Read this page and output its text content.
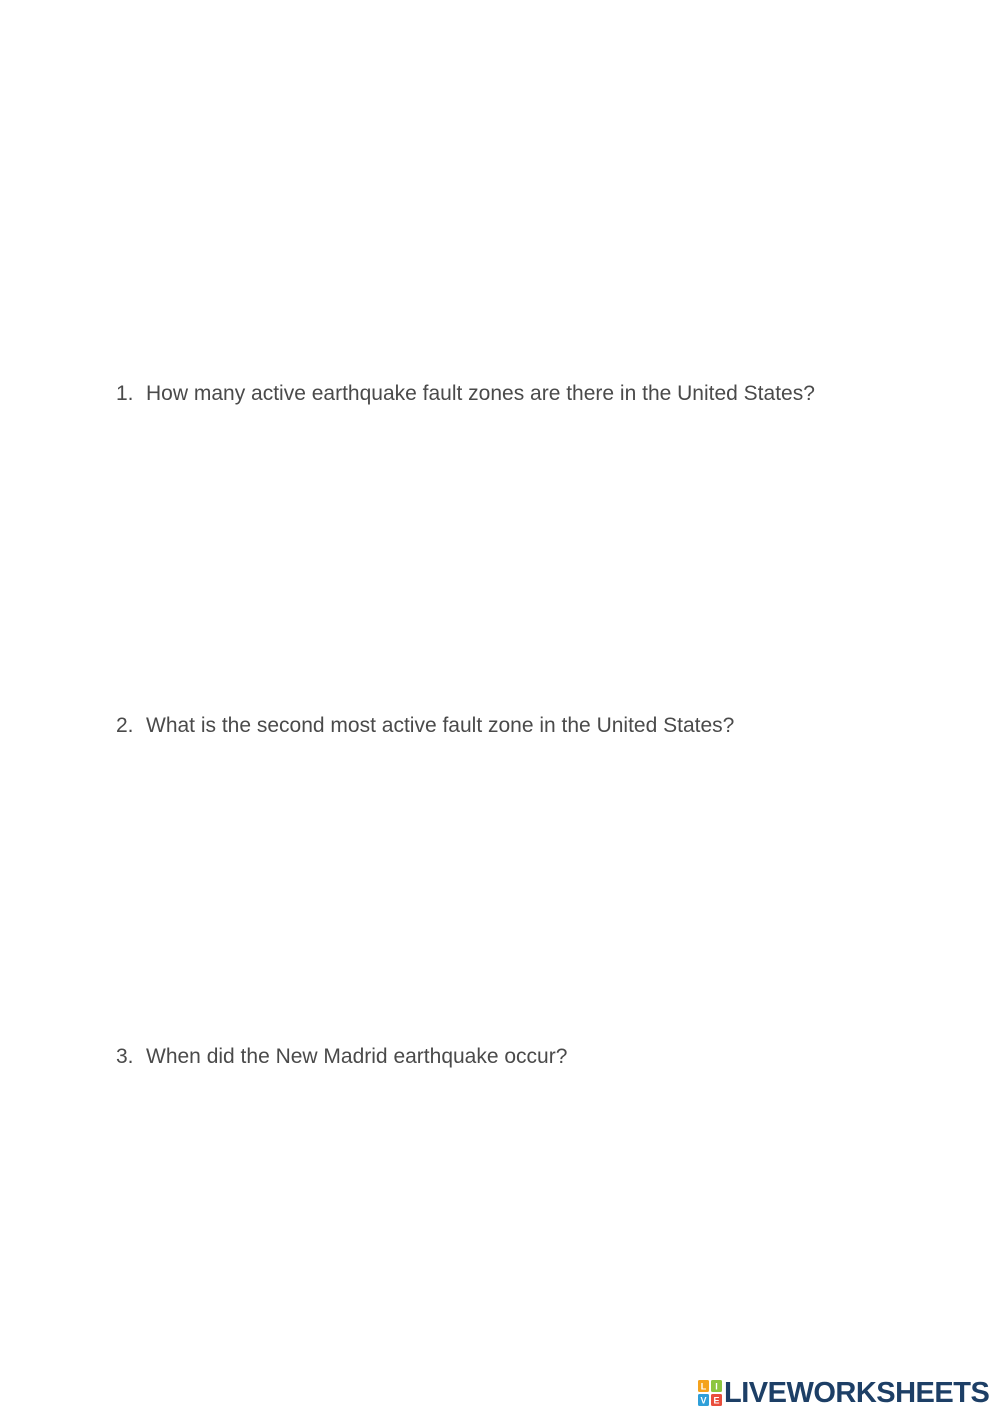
1. How many active earthquake fault zones are there in the United States?
2. What is the second most active fault zone in the United States?
3. When did the New Madrid earthquake occur?
L I
V E LIVEWORKSHEETS
